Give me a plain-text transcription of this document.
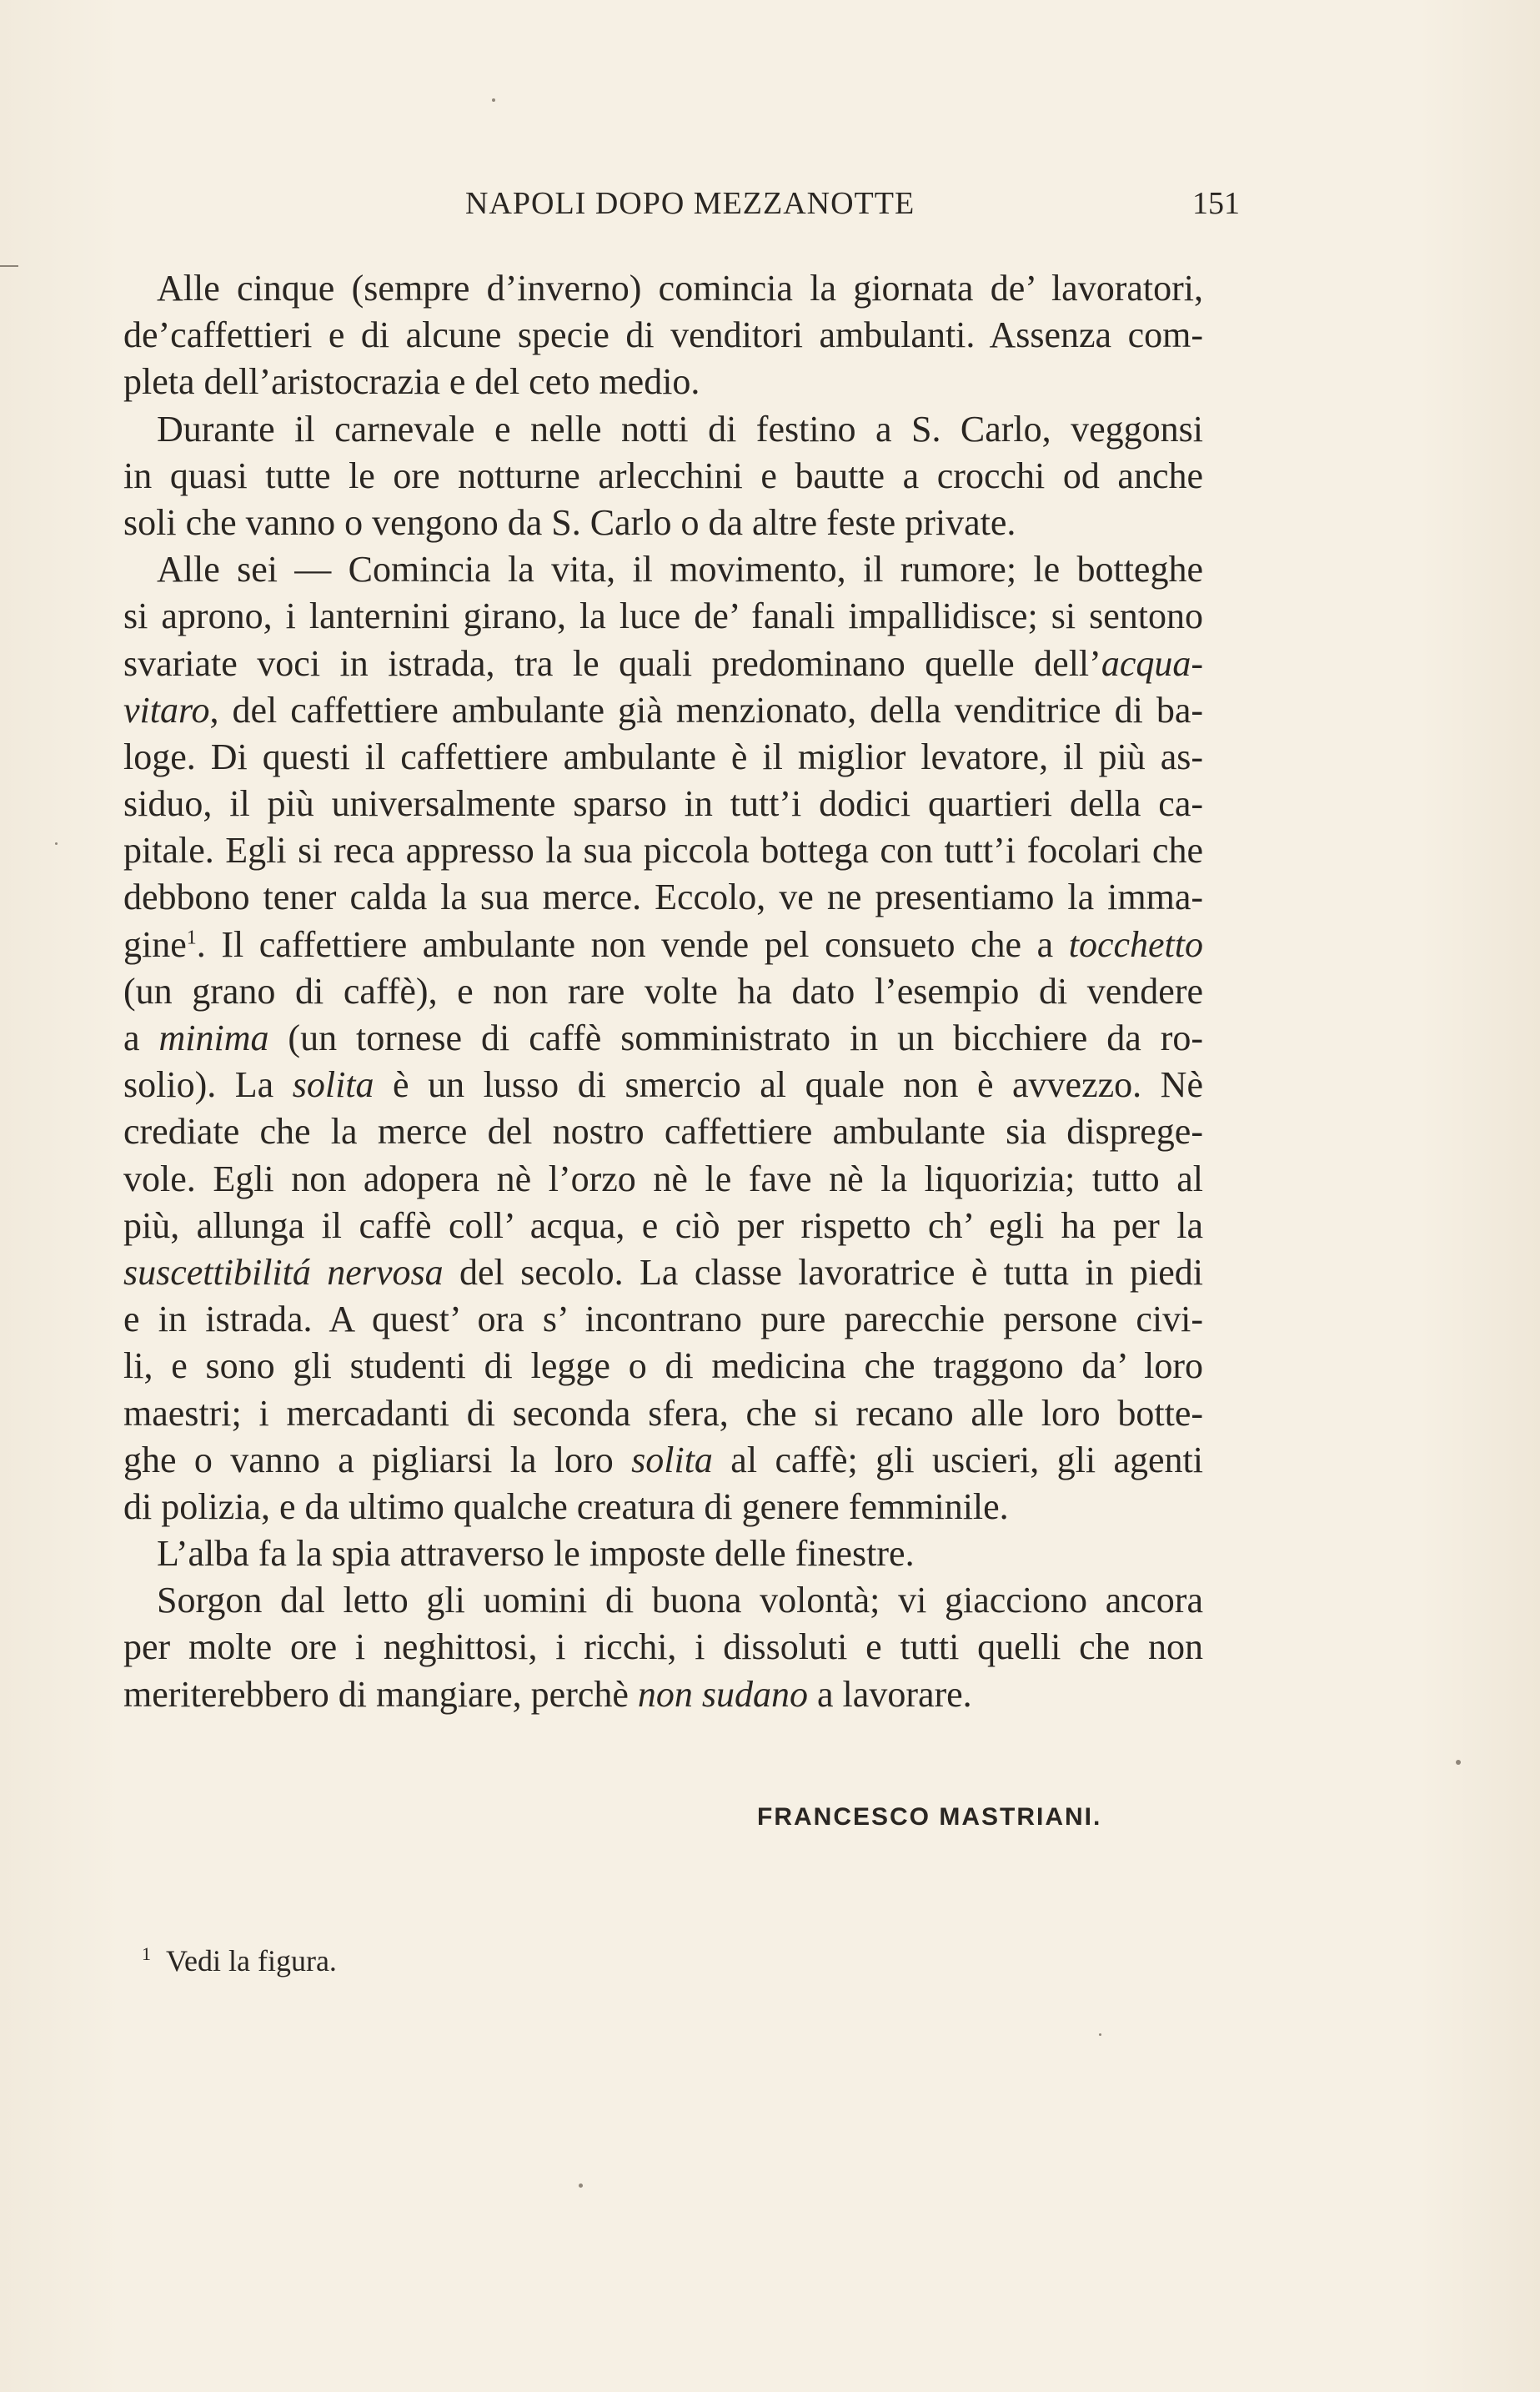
NAPOLI DOPO MEZZANOTTE	151
Alle cinque (sempre d’inverno) comincia la giornata de’ lavoratori,
de’caffettieri e di alcune specie di venditori ambulanti. Assenza com-
pleta dell’aristocrazia e del ceto medio.
Durante il carnevale e nelle notti di festino a S. Carlo, veggonsi
in quasi tutte le ore notturne arlecchini e bautte a crocchi od anche
soli che vanno o vengono da S. Carlo o da altre feste private.
Alle sei — Comincia la vita, il movimento, il rumore; le botteghe
si aprono, i lanternini girano, la luce de’ fanali impallidisce; si sentono
svariate voci in istrada, tra le quali predominano quelle dell’acqua-
vitaro, del caffettiere ambulante già menzionato, della venditrice di ba-
loge. Di questi il caffettiere ambulante è il miglior levatore, il più as-
siduo, il più universalmente sparso in tutt’i dodici quartieri della ca-
pitale. Egli si reca appresso la sua piccola bottega con tutt’i focolari che
debbono tener calda la sua merce. Eccolo, ve ne presentiamo la imma-
gine$^1$. Il caffettiere ambulante non vende pel consueto che a tocchetto
(un grano di caffè), e non rare volte ha dato l’esempio di vendere
a minima (un tornese di caffè somministrato in un bicchiere da ro-
solio). La solita è un lusso di smercio al quale non è avvezzo. Nè
crediate che la merce del nostro caffettiere ambulante sia disprege-
vole. Egli non adopera nè l’orzo nè le fave nè la liquorizia; tutto al
più, allunga il caffè coll’ acqua, e ciò per rispetto ch’ egli ha per la
suscettibilitá nervosa del secolo. La classe lavoratrice è tutta in piedi
e in istrada. A quest’ ora s’ incontrano pure parecchie persone civi-
li, e sono gli studenti di legge o di medicina che traggono da’ loro
maestri; i mercadanti di seconda sfera, che si recano alle loro botte-
ghe o vanno a pigliarsi la loro solita al caffè; gli uscieri, gli agenti
di polizia, e da ultimo qualche creatura di genere femminile.
L’alba fa la spia attraverso le imposte delle finestre.
Sorgon dal letto gli uomini di buona volontà; vi giacciono ancora
per molte ore i neghittosi, i ricchi, i dissoluti e tutti quelli che non
meriterebbero di mangiare, perchè non sudano a lavorare.
FRANCESCO MASTRIANI.
$^1$ Vedi la figura.
